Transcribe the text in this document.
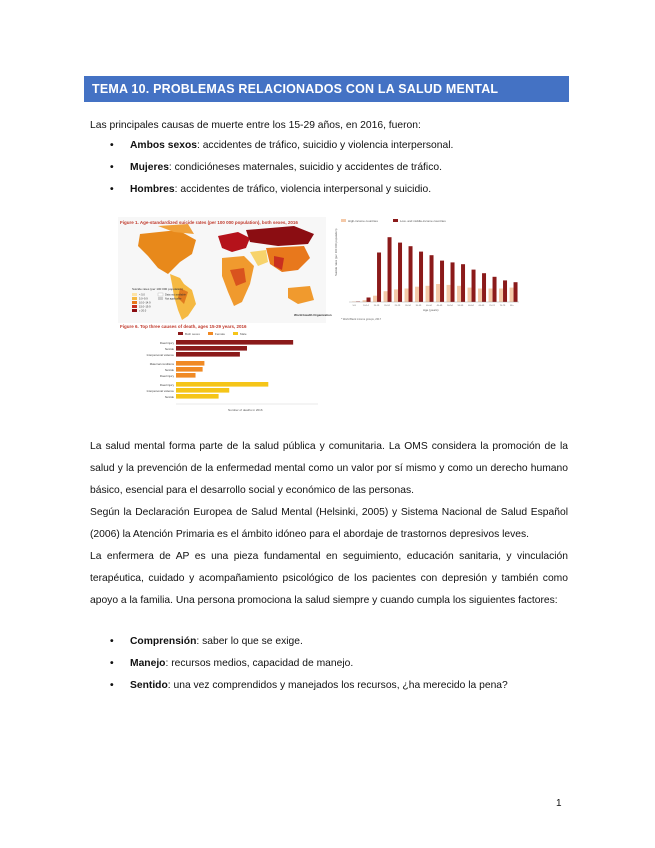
TEMA 10. PROBLEMAS RELACIONADOS CON LA SALUD MENTAL
Las principales causas de muerte entre los 15-29 años, en 2016, fueron:
• Ambos sexos: accidentes de tráfico, suicidio y violencia interpersonal.
• Mujeres: condicióneses maternales, suicidio y accidentes de tráfico.
• Hombres: accidentes de tráfico, violencia interpersonal y suicidio.
Figure 1. Age-standardized suicide rates (per 100 000 population), both sexes, 2016
Suicide rates (per 100 000 population)
< 5.0
5.0–9.9
10.0–14.9
15.0–19.9
≥ 20.0
Data not available
Not applicable
World Health Organization
High-income countries	Low- and middle-income countries
Suicide rates (per 100 000 population)
5-9	10-14	15-19	20-24	25-29	30-34	35-39	40-44	45-49	50-54	55-59	60-64	65-69	70-74	75-79	80+
Age (years)
* World Bank income groups, 2017
Figure 6. Top three causes of death, ages 15-29 years, 2016
Both sexes	Female	Male
Road injury
Suicide
Interpersonal violence
Maternal conditions
Suicide
Road injury
Road injury
Interpersonal violence
Suicide
Number of deaths in 2016
La salud mental forma parte de la salud pública y comunitaria. La OMS considera la promoción de la salud y la prevención de la enfermedad mental como un valor por sí mismo y como un derecho humano básico, esencial para el desarrollo social y económico de las personas.
Según la Declaración Europea de Salud Mental (Helsinki, 2005) y Sistema Nacional de Salud Español (2006) la Atención Primaria es el ámbito idóneo para el abordaje de trastornos depresivos leves.
La enfermera de AP es una pieza fundamental en seguimiento, educación sanitaria, y vinculación terapéutica, cuidado y acompañamiento psicológico de los pacientes con depresión y también como apoyo a la familia. Una persona promociona la salud siempre y cuando cumpla los siguientes factores:
• Comprensión: saber lo que se exige.
• Manejo: recursos medios, capacidad de manejo.
• Sentido: una vez comprendidos y manejados los recursos, ¿ha merecido la pena?
1
